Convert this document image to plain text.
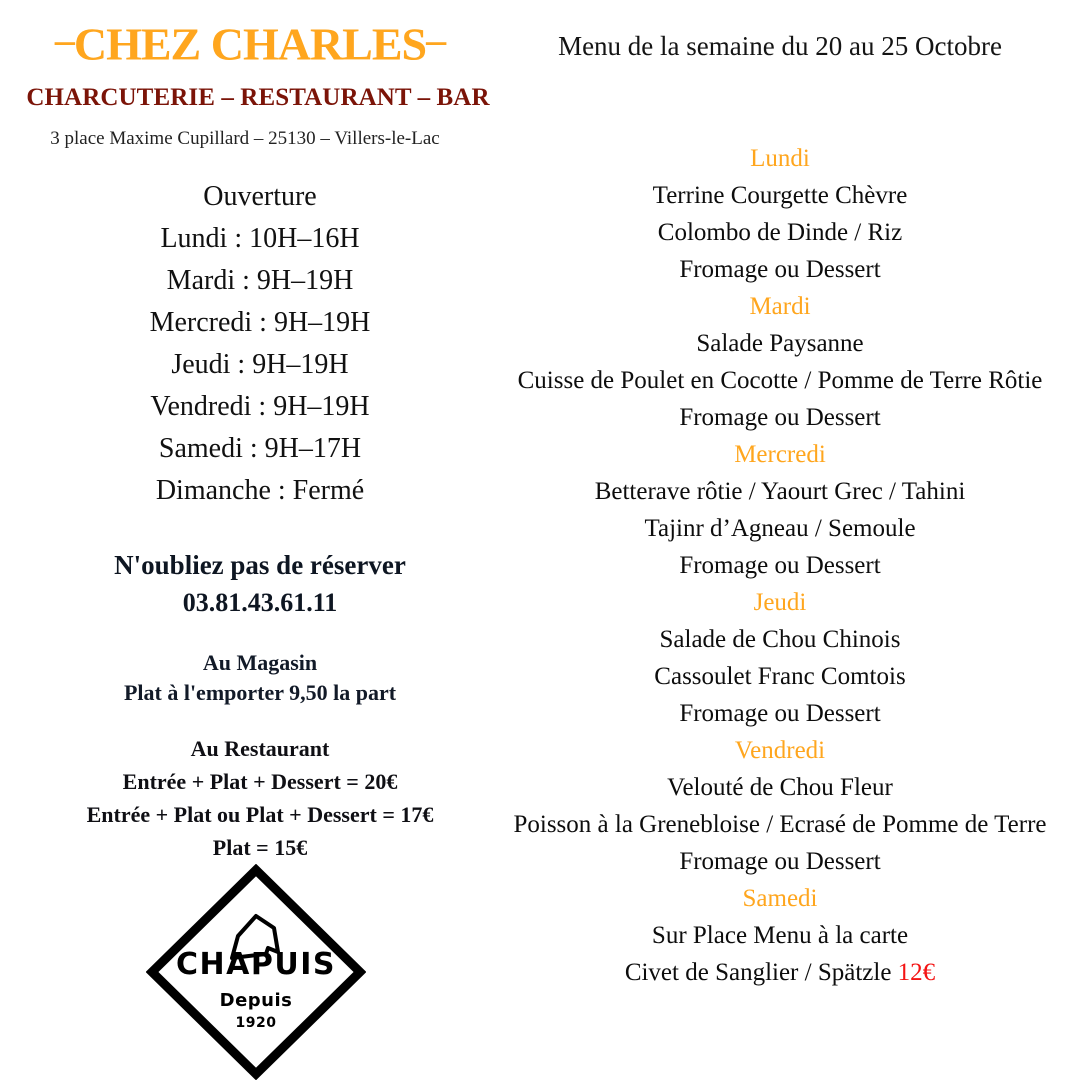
–CHEZ CHARLES–
CHARCUTERIE – RESTAURANT – BAR
3 place Maxime Cupillard – 25130 – Villers-le-Lac
Menu de la semaine du 20 au 25 Octobre
Ouverture
Lundi : 10H–16H
Mardi : 9H–19H
Mercredi : 9H–19H
Jeudi : 9H–19H
Vendredi : 9H–19H
Samedi : 9H–17H
Dimanche : Fermé
N'oubliez pas de réserver
03.81.43.61.11
Au Magasin
Plat à l'emporter 9,50 la part
Au Restaurant
Entrée + Plat + Dessert = 20€
Entrée + Plat ou Plat + Dessert = 17€
Plat = 15€
CHAPUIS
Depuis
1920
Lundi
Terrine Courgette Chèvre
Colombo de Dinde / Riz
Fromage ou Dessert
Mardi
Salade Paysanne
Cuisse de Poulet en Cocotte / Pomme de Terre Rôtie
Fromage ou Dessert
Mercredi
Betterave rôtie / Yaourt Grec / Tahini
Tajinr d’Agneau / Semoule
Fromage ou Dessert
Jeudi
Salade de Chou Chinois
Cassoulet Franc Comtois
Fromage ou Dessert
Vendredi
Velouté de Chou Fleur
Poisson à la Grenebloise / Ecrasé de Pomme de Terre
Fromage ou Dessert
Samedi
Sur Place Menu à la carte
Civet de Sanglier / Spätzle 12€
